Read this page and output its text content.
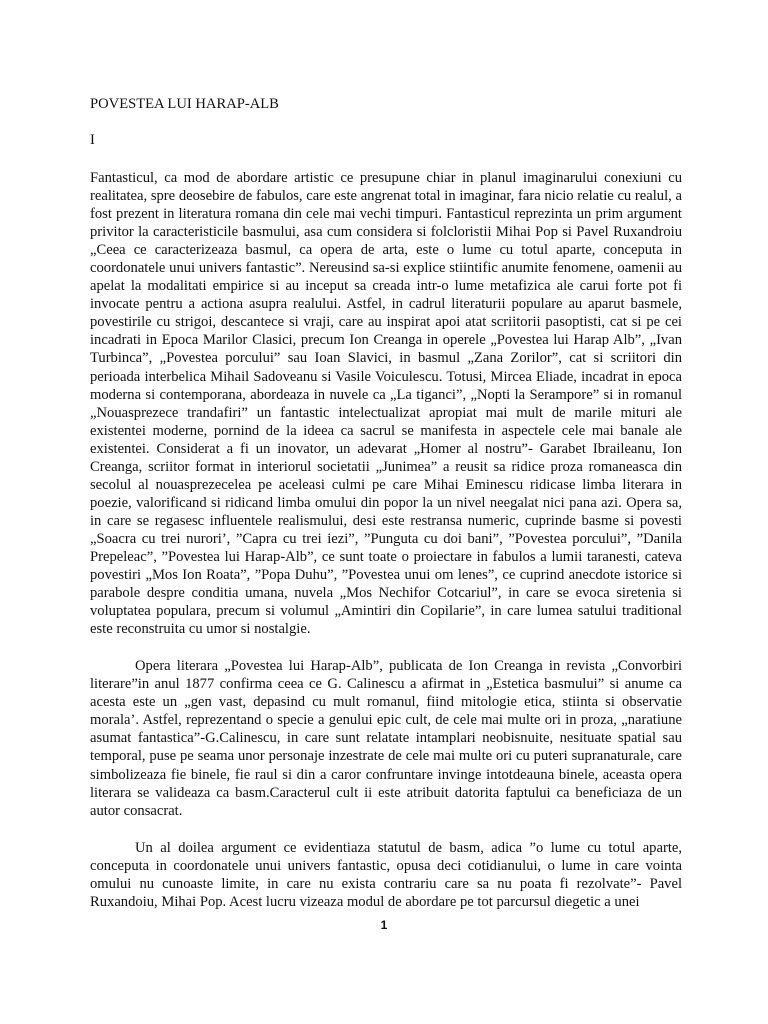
POVESTEA LUI HARAP-ALB
I

Fantasticul, ca mod de abordare artistic ce presupune chiar in planul imaginarului conexiuni cu realitatea, spre deosebire de fabulos, care este angrenat total in imaginar, fara nicio relatie cu realul, a fost prezent in literatura romana din cele mai vechi timpuri. Fantasticul reprezinta un prim argument privitor la caracteristicile basmului, asa cum considera si folcloristii Mihai Pop si Pavel Ruxandroiu „Ceea ce caracterizeaza basmul, ca opera de arta, este o lume cu totul aparte, conceputa in coordonatele unui univers fantastic”. Nereusind sa-si explice stiintific anumite fenomene, oamenii au apelat la modalitati empirice si au inceput sa creada intr-o lume metafizica ale carui forte pot fi invocate pentru a actiona asupra realului. Astfel, in cadrul literaturii populare au aparut basmele, povestirile cu strigoi, descantece si vraji, care au inspirat apoi atat scriitorii pasoptisti, cat si pe cei incadrati in Epoca Marilor Clasici, precum Ion Creanga in operele „Povestea lui Harap Alb”, „Ivan Turbinca”, „Povestea porcului” sau Ioan Slavici, in basmul „Zana Zorilor”, cat si scriitori din perioada interbelica Mihail Sadoveanu si Vasile Voiculescu. Totusi, Mircea Eliade, incadrat in epoca moderna si contemporana, abordeaza in nuvele ca „La tiganci”, „Nopti la Serampore” si in romanul „Nouasprezece trandafiri” un fantastic intelectualizat apropiat mai mult de marile mituri ale existentei moderne, pornind de la ideea ca sacrul se manifesta in aspectele cele mai banale ale existentei. Considerat a fi un inovator, un adevarat „Homer al nostru”- Garabet Ibraileanu, Ion Creanga, scriitor format in interiorul societatii „Junimea” a reusit sa ridice proza romaneasca din secolul al nouasprezecelea pe aceleasi culmi pe care Mihai Eminescu ridicase limba literara in poezie, valorificand si ridicand limba omului din popor la un nivel neegalat nici pana azi. Opera sa, in care se regasesc influentele realismului, desi este restransa numeric, cuprinde basme si povesti „Soacra cu trei nurori’, ”Capra cu trei iezi”, ”Punguta cu doi bani”, ”Povestea porcului”, ”Danila Prepeleac”, ”Povestea lui Harap-Alb”, ce sunt toate o proiectare in fabulos a lumii taranesti, cateva povestiri „Mos Ion Roata”, ”Popa Duhu”, ”Povestea unui om lenes”, ce cuprind anecdote istorice si parabole despre conditia umana, nuvela „Mos Nechifor Cotcariul”, in care se evoca siretenia si voluptatea populara, precum si volumul „Amintiri din Copilarie”, in care lumea satului traditional este reconstruita cu umor si nostalgie.

Opera literara „Povestea lui Harap-Alb”, publicata de Ion Creanga in revista „Convorbiri literare”in anul 1877 confirma ceea ce G. Calinescu a afirmat in „Estetica basmului” si anume ca acesta este un „gen vast, depasind cu mult romanul, fiind mitologie etica, stiinta si observatie morala’. Astfel, reprezentand o specie a genului epic cult, de cele mai multe ori in proza, „naratiune asumat fantastica”-G.Calinescu, in care sunt relatate intamplari neobisnuite, nesituate spatial sau temporal, puse pe seama unor personaje inzestrate de cele mai multe ori cu puteri supranaturale, care simbolizeaza fie binele, fie raul si din a caror confruntare invinge intotdeauna binele, aceasta opera literara se valideaza ca basm.Caracterul cult ii este atribuit datorita faptului ca beneficiaza de un autor consacrat.

Un al doilea argument ce evidentiaza statutul de basm, adica ”o lume cu totul aparte, conceputa in coordonatele unui univers fantastic, opusa deci cotidianului, o lume in care vointa omului nu cunoaste limite, in care nu exista contrariu care sa nu poata fi rezolvate”- Pavel Ruxandoiu, Mihai Pop. Acest lucru vizeaza modul de abordare pe tot parcursul diegetic a unei

1
